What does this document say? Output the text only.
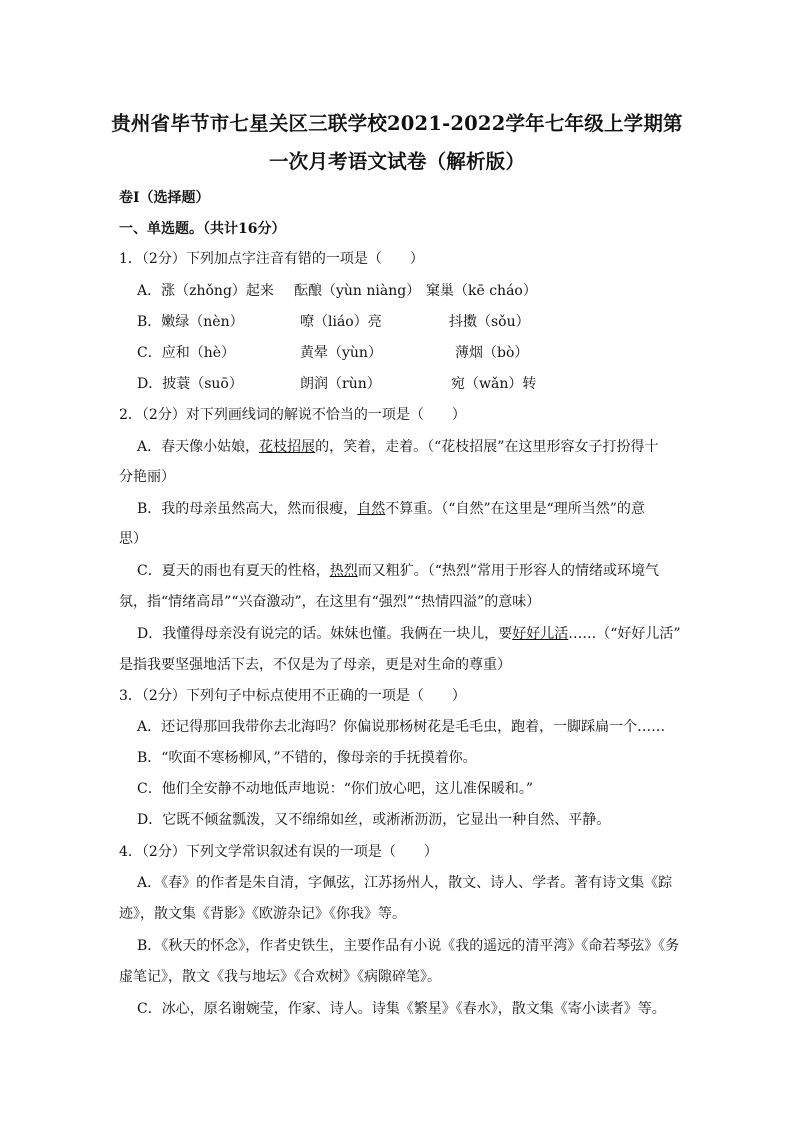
贵州省毕节市七星关区三联学校2021-2022学年七年级上学期第
一次月考语文试卷（解析版）
卷Ⅰ（选择题）
一、单选题。（共计16分）
1．（2分）下列加点字注音有错的一项是（　　）
A．涨（zhǒng）起来 酝酿（yùn niàng） 窠巢（kē cháo）
B．嫩绿（nèn）	嘹（liáo）亮	抖擞（sǒu）
C．应和（hè）	黄晕（yùn）	薄烟（bò）
D．披蓑（suō）	朗润（rùn）	宛（wǎn）转
2．（2分）对下列画线词的解说不恰当的一项是（　　）
A．春天像小姑娘，花枝招展的，笑着，走着。（“花枝招展”在这里形容女子打扮得十
分艳丽）
B．我的母亲虽然高大，然而很瘦，自然不算重。（“自然”在这里是“理所当然”的意
思）
C．夏天的雨也有夏天的性格，热烈而又粗犷。（“热烈”常用于形容人的情绪或环境气
氛，指“情绪高昂”“兴奋激动”，在这里有“强烈”“热情四溢”的意味）
D．我懂得母亲没有说完的话。妹妹也懂。我俩在一块儿，要好好儿活……（“好好儿活”
是指我要坚强地活下去，不仅是为了母亲，更是对生命的尊重）
3．（2分）下列句子中标点使用不正确的一项是（　　）
A．还记得那回我带你去北海吗？你偏说那杨树花是毛毛虫，跑着，一脚踩扁一个……
B．“吹面不寒杨柳风，”不错的，像母亲的手抚摸着你。
C．他们全安静不动地低声地说：“你们放心吧，这儿准保暖和。”
D．它既不倾盆瓢泼，又不绵绵如丝，或淅淅沥沥，它显出一种自然、平静。
4．（2分）下列文学常识叙述有误的一项是（　　）
A．《春》的作者是朱自清，字佩弦，江苏扬州人，散文、诗人、学者。著有诗文集《踪
迹》，散文集《背影》《欧游杂记》《你我》等。
B．《秋天的怀念》，作者史铁生，主要作品有小说《我的遥远的清平湾》《命若琴弦》《务
虚笔记》，散文《我与地坛》《合欢树》《病隙碎笔》。
C．冰心，原名谢婉莹，作家、诗人。诗集《繁星》《春水》，散文集《寄小读者》等。
